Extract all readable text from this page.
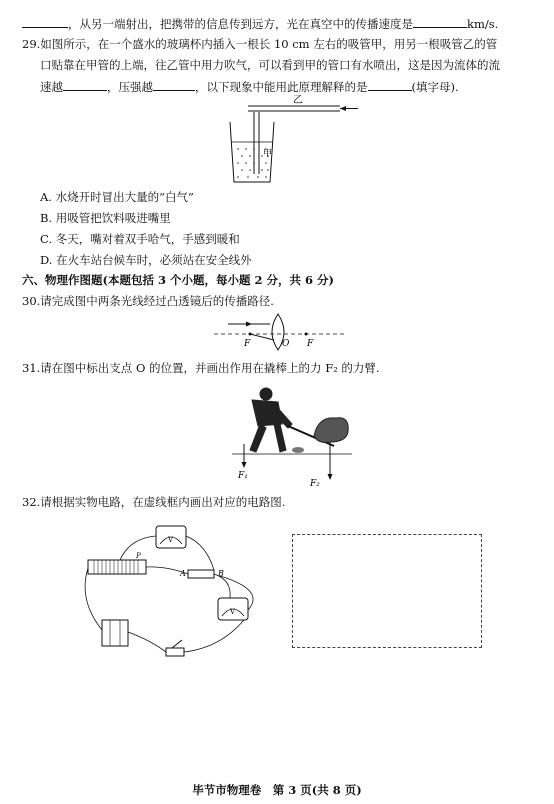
，从另一端射出，把携带的信息传到远方，光在真空中的传播速度是	km/s.
29.如图所示，在一个盛水的玻璃杯内插入一根长 10 cm 左右的吸管甲，用另一根吸管乙的管
口贴靠在甲管的上端，往乙管中用力吹气，可以看到甲的管口有水喷出，这是因为流体的流
速越	，压强越	，以下现象中能用此原理解释的是	(填字母).
乙
甲
A. 水烧开时冒出大量的“白气”
B. 用吸管把饮料吸进嘴里
C. 冬天，嘴对着双手哈气，手感到暖和
D. 在火车站台候车时，必须站在安全线外
六、物理作图题(本题包括 3 个小题，每小题 2 分，共 6 分)
30.请完成图中两条光线经过凸透镜后的传播路径.
F	O F
31.请在图中标出支点 O 的位置，并画出作用在撬棒上的力 F₂ 的力臂.
F₁
F₂
32.请根据实物电路，在虚线框内画出对应的电路图.
V
P
A	B
V
毕节市物理卷　第 3 页(共 8 页)
